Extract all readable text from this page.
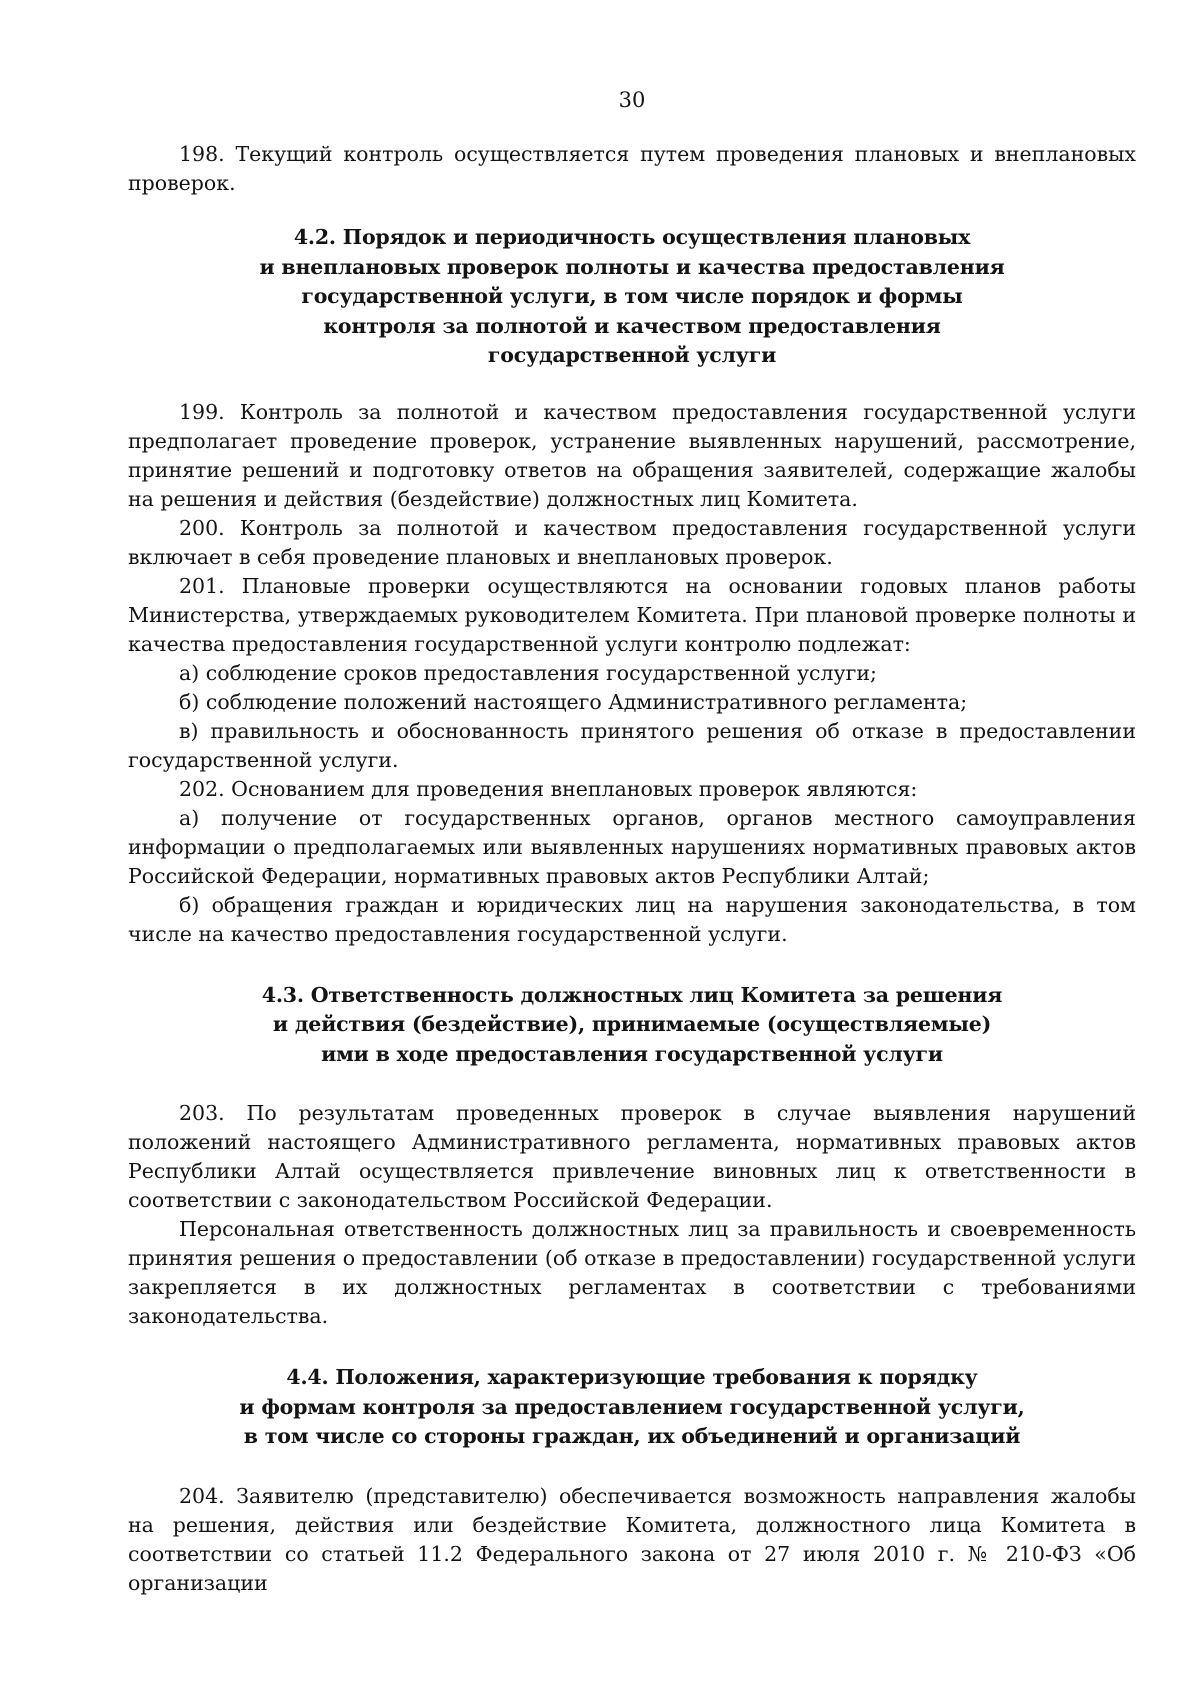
30

198. Текущий контроль осуществляется путем проведения плановых и внеплановых проверок.

4.2. Порядок и периодичность осуществления плановых
и внеплановых проверок полноты и качества предоставления
государственной услуги, в том числе порядок и формы
контроля за полнотой и качеством предоставления
государственной услуги

199. Контроль за полнотой и качеством предоставления государственной услуги предполагает проведение проверок, устранение выявленных нарушений, рассмотрение, принятие решений и подготовку ответов на обращения заявителей, содержащие жалобы на решения и действия (бездействие) должностных лиц Комитета.

200. Контроль за полнотой и качеством предоставления государственной услуги включает в себя проведение плановых и внеплановых проверок.

201. Плановые проверки осуществляются на основании годовых планов работы Министерства, утверждаемых руководителем Комитета. При плановой проверке полноты и качества предоставления государственной услуги контролю подлежат:

а) соблюдение сроков предоставления государственной услуги;

б) соблюдение положений настоящего Административного регламента;

в) правильность и обоснованность принятого решения об отказе в предоставлении государственной услуги.

202. Основанием для проведения внеплановых проверок являются:

а) получение от государственных органов, органов местного самоуправления информации о предполагаемых или выявленных нарушениях нормативных правовых актов Российской Федерации, нормативных правовых актов Республики Алтай;

б) обращения граждан и юридических лиц на нарушения законодательства, в том числе на качество предоставления государственной услуги.

4.3. Ответственность должностных лиц Комитета за решения
и действия (бездействие), принимаемые (осуществляемые)
ими в ходе предоставления государственной услуги

203. По результатам проведенных проверок в случае выявления нарушений положений настоящего Административного регламента, нормативных правовых актов Республики Алтай осуществляется привлечение виновных лиц к ответственности в соответствии с законодательством Российской Федерации.

Персональная ответственность должностных лиц за правильность и своевременность принятия решения о предоставлении (об отказе в предоставлении) государственной услуги закрепляется в их должностных регламентах в соответствии с требованиями законодательства.

4.4. Положения, характеризующие требования к порядку
и формам контроля за предоставлением государственной услуги,
в том числе со стороны граждан, их объединений и организаций

204. Заявителю (представителю) обеспечивается возможность направления жалобы на решения, действия или бездействие Комитета, должностного лица Комитета в соответствии со статьей 11.2 Федерального закона от 27 июля 2010 г. № 210-ФЗ «Об организации
